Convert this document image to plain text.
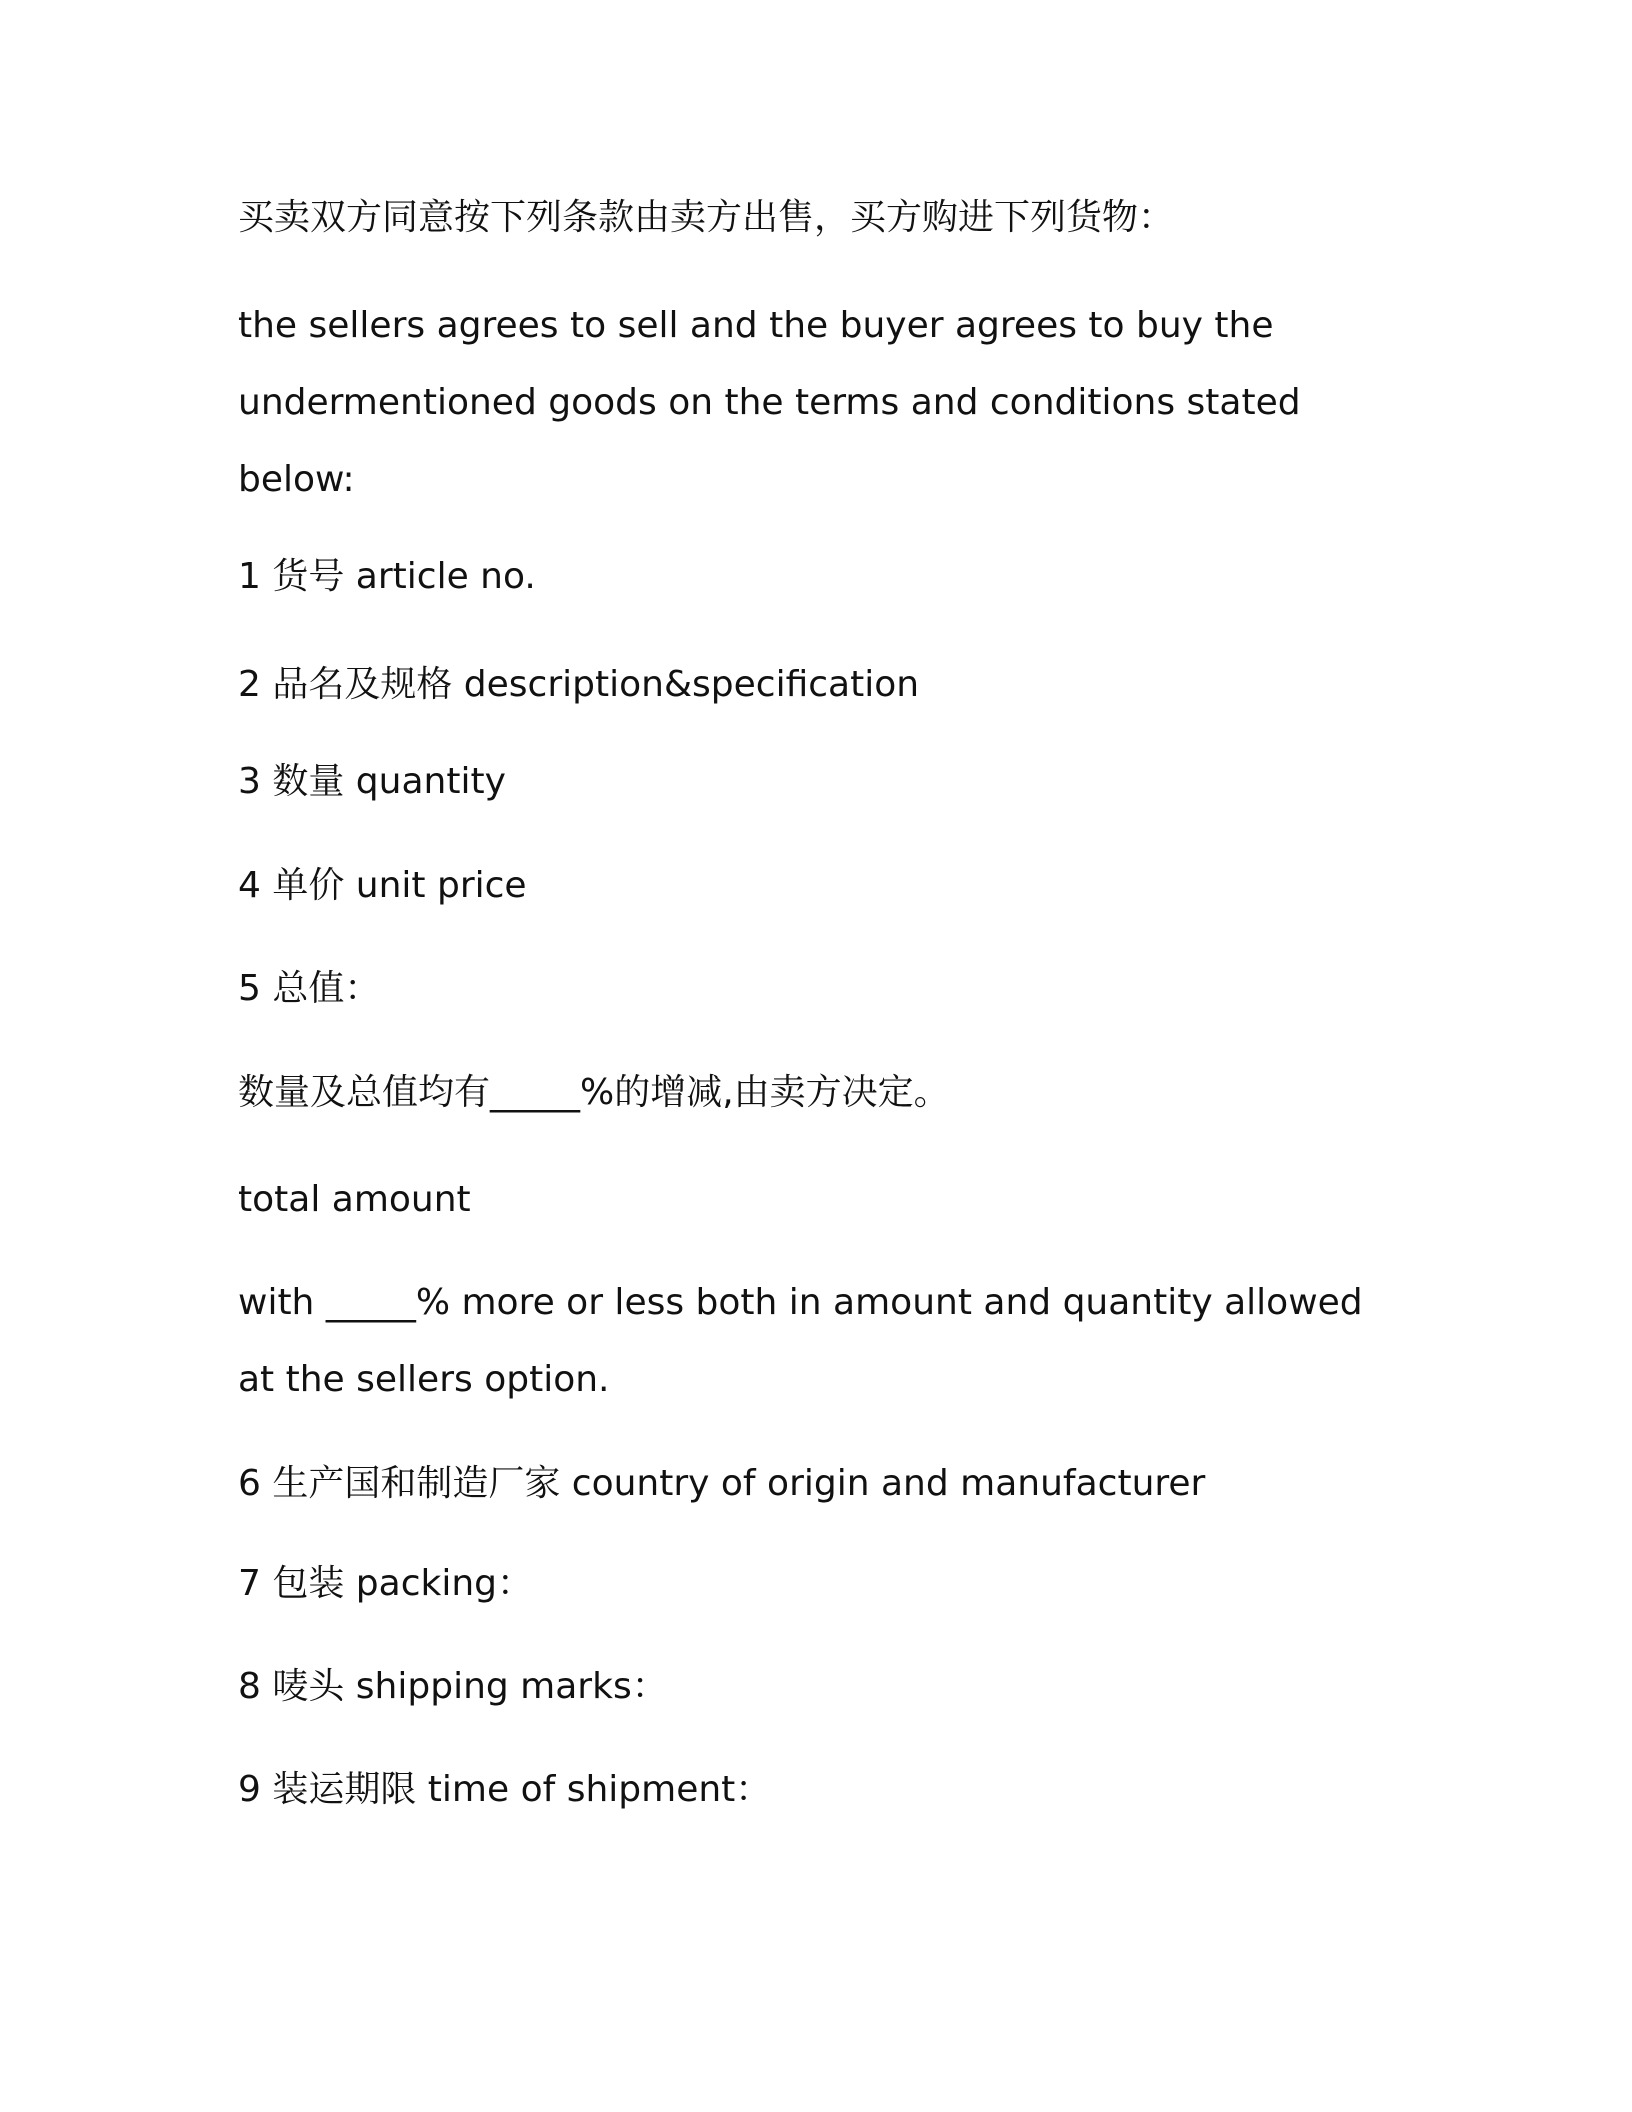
买卖双方同意按下列条款由卖方出售，买方购进下列货物：
the sellers agrees to sell and the buyer agrees to buy the
undermentioned goods on the terms and conditions stated
below:
1 货号 article no.
2 品名及规格 description&specification
3 数量 quantity
4 单价 unit price
5 总值：
数量及总值均有_____%的增减,由卖方决定。
total amount
with _____% more or less both in amount and quantity allowed
at the sellers option.
6 生产国和制造厂家 country of origin and manufacturer
7 包装 packing：
8 唛头 shipping marks：
9 装运期限 time of shipment：
